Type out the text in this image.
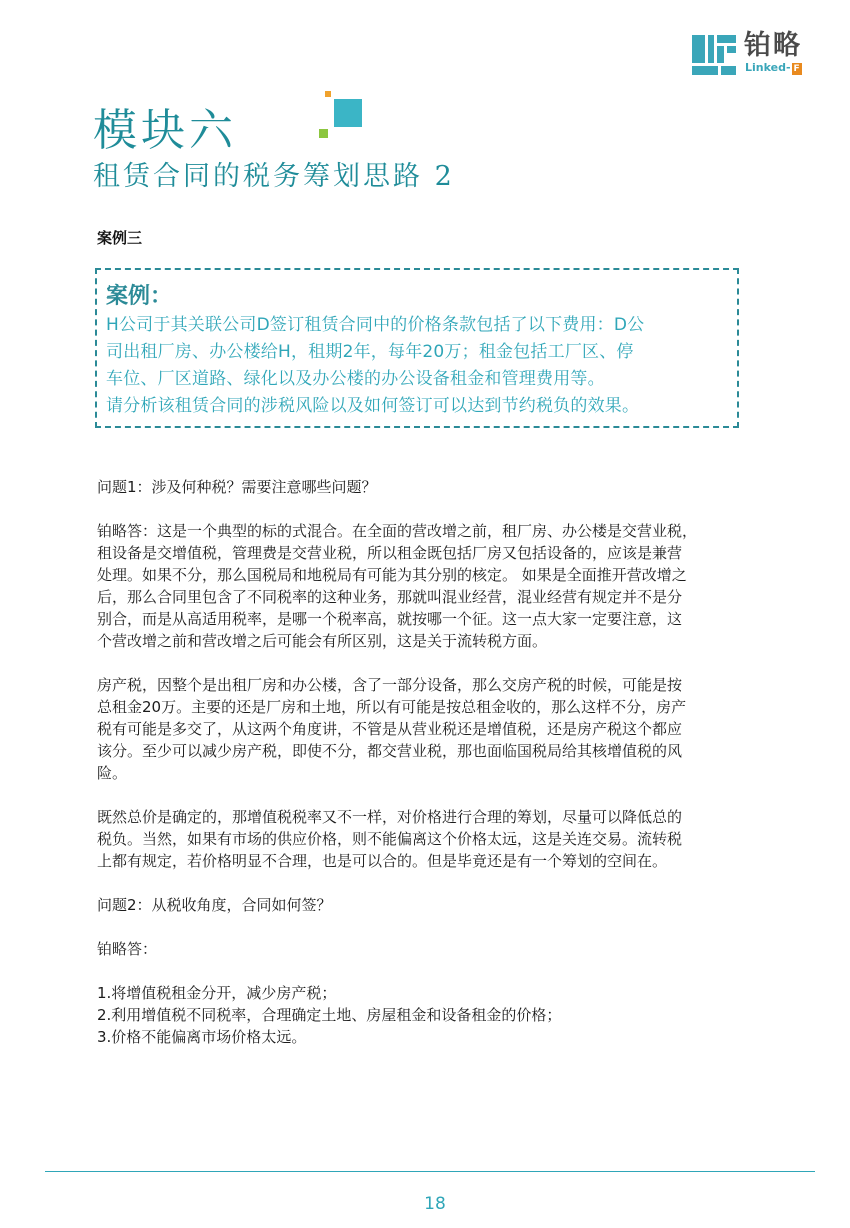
铂略
Linked- F
模块六
租赁合同的税务筹划思路 2
案例三

案例：

H公司于其关联公司D签订租赁合同中的价格条款包括了以下费用：D公

司出租厂房、办公楼给H，租期2年，每年20万；租金包括工厂区、停

车位、厂区道路、绿化以及办公楼的办公设备租金和管理费用等。

请分析该租赁合同的涉税风险以及如何签订可以达到节约税负的效果。

问题1：涉及何种税？需要注意哪些问题？

铂略答：这是一个典型的标的式混合。在全面的营改增之前，租厂房、办公楼是交营业税，
租设备是交增值税，管理费是交营业税，所以租金既包括厂房又包括设备的，应该是兼营
处理。如果不分，那么国税局和地税局有可能为其分别的核定。 如果是全面推开营改增之
后，那么合同里包含了不同税率的这种业务，那就叫混业经营，混业经营有规定并不是分
别合，而是从高适用税率，是哪一个税率高，就按哪一个征。这一点大家一定要注意，这
个营改增之前和营改增之后可能会有所区别，这是关于流转税方面。

房产税，因整个是出租厂房和办公楼，含了一部分设备，那么交房产税的时候，可能是按
总租金20万。主要的还是厂房和土地，所以有可能是按总租金收的，那么这样不分，房产
税有可能是多交了，从这两个角度讲，不管是从营业税还是增值税，还是房产税这个都应
该分。至少可以减少房产税，即使不分，都交营业税，那也面临国税局给其核增值税的风
险。

既然总价是确定的，那增值税税率又不一样，对价格进行合理的筹划，尽量可以降低总的
税负。当然，如果有市场的供应价格，则不能偏离这个价格太远，这是关连交易。流转税
上都有规定，若价格明显不合理，也是可以合的。但是毕竟还是有一个筹划的空间在。

问题2：从税收角度，合同如何签？

铂略答：

1.将增值税租金分开，减少房产税；
2.利用增值税不同税率，合理确定土地、房屋租金和设备租金的价格；
3.价格不能偏离市场价格太远。

18
